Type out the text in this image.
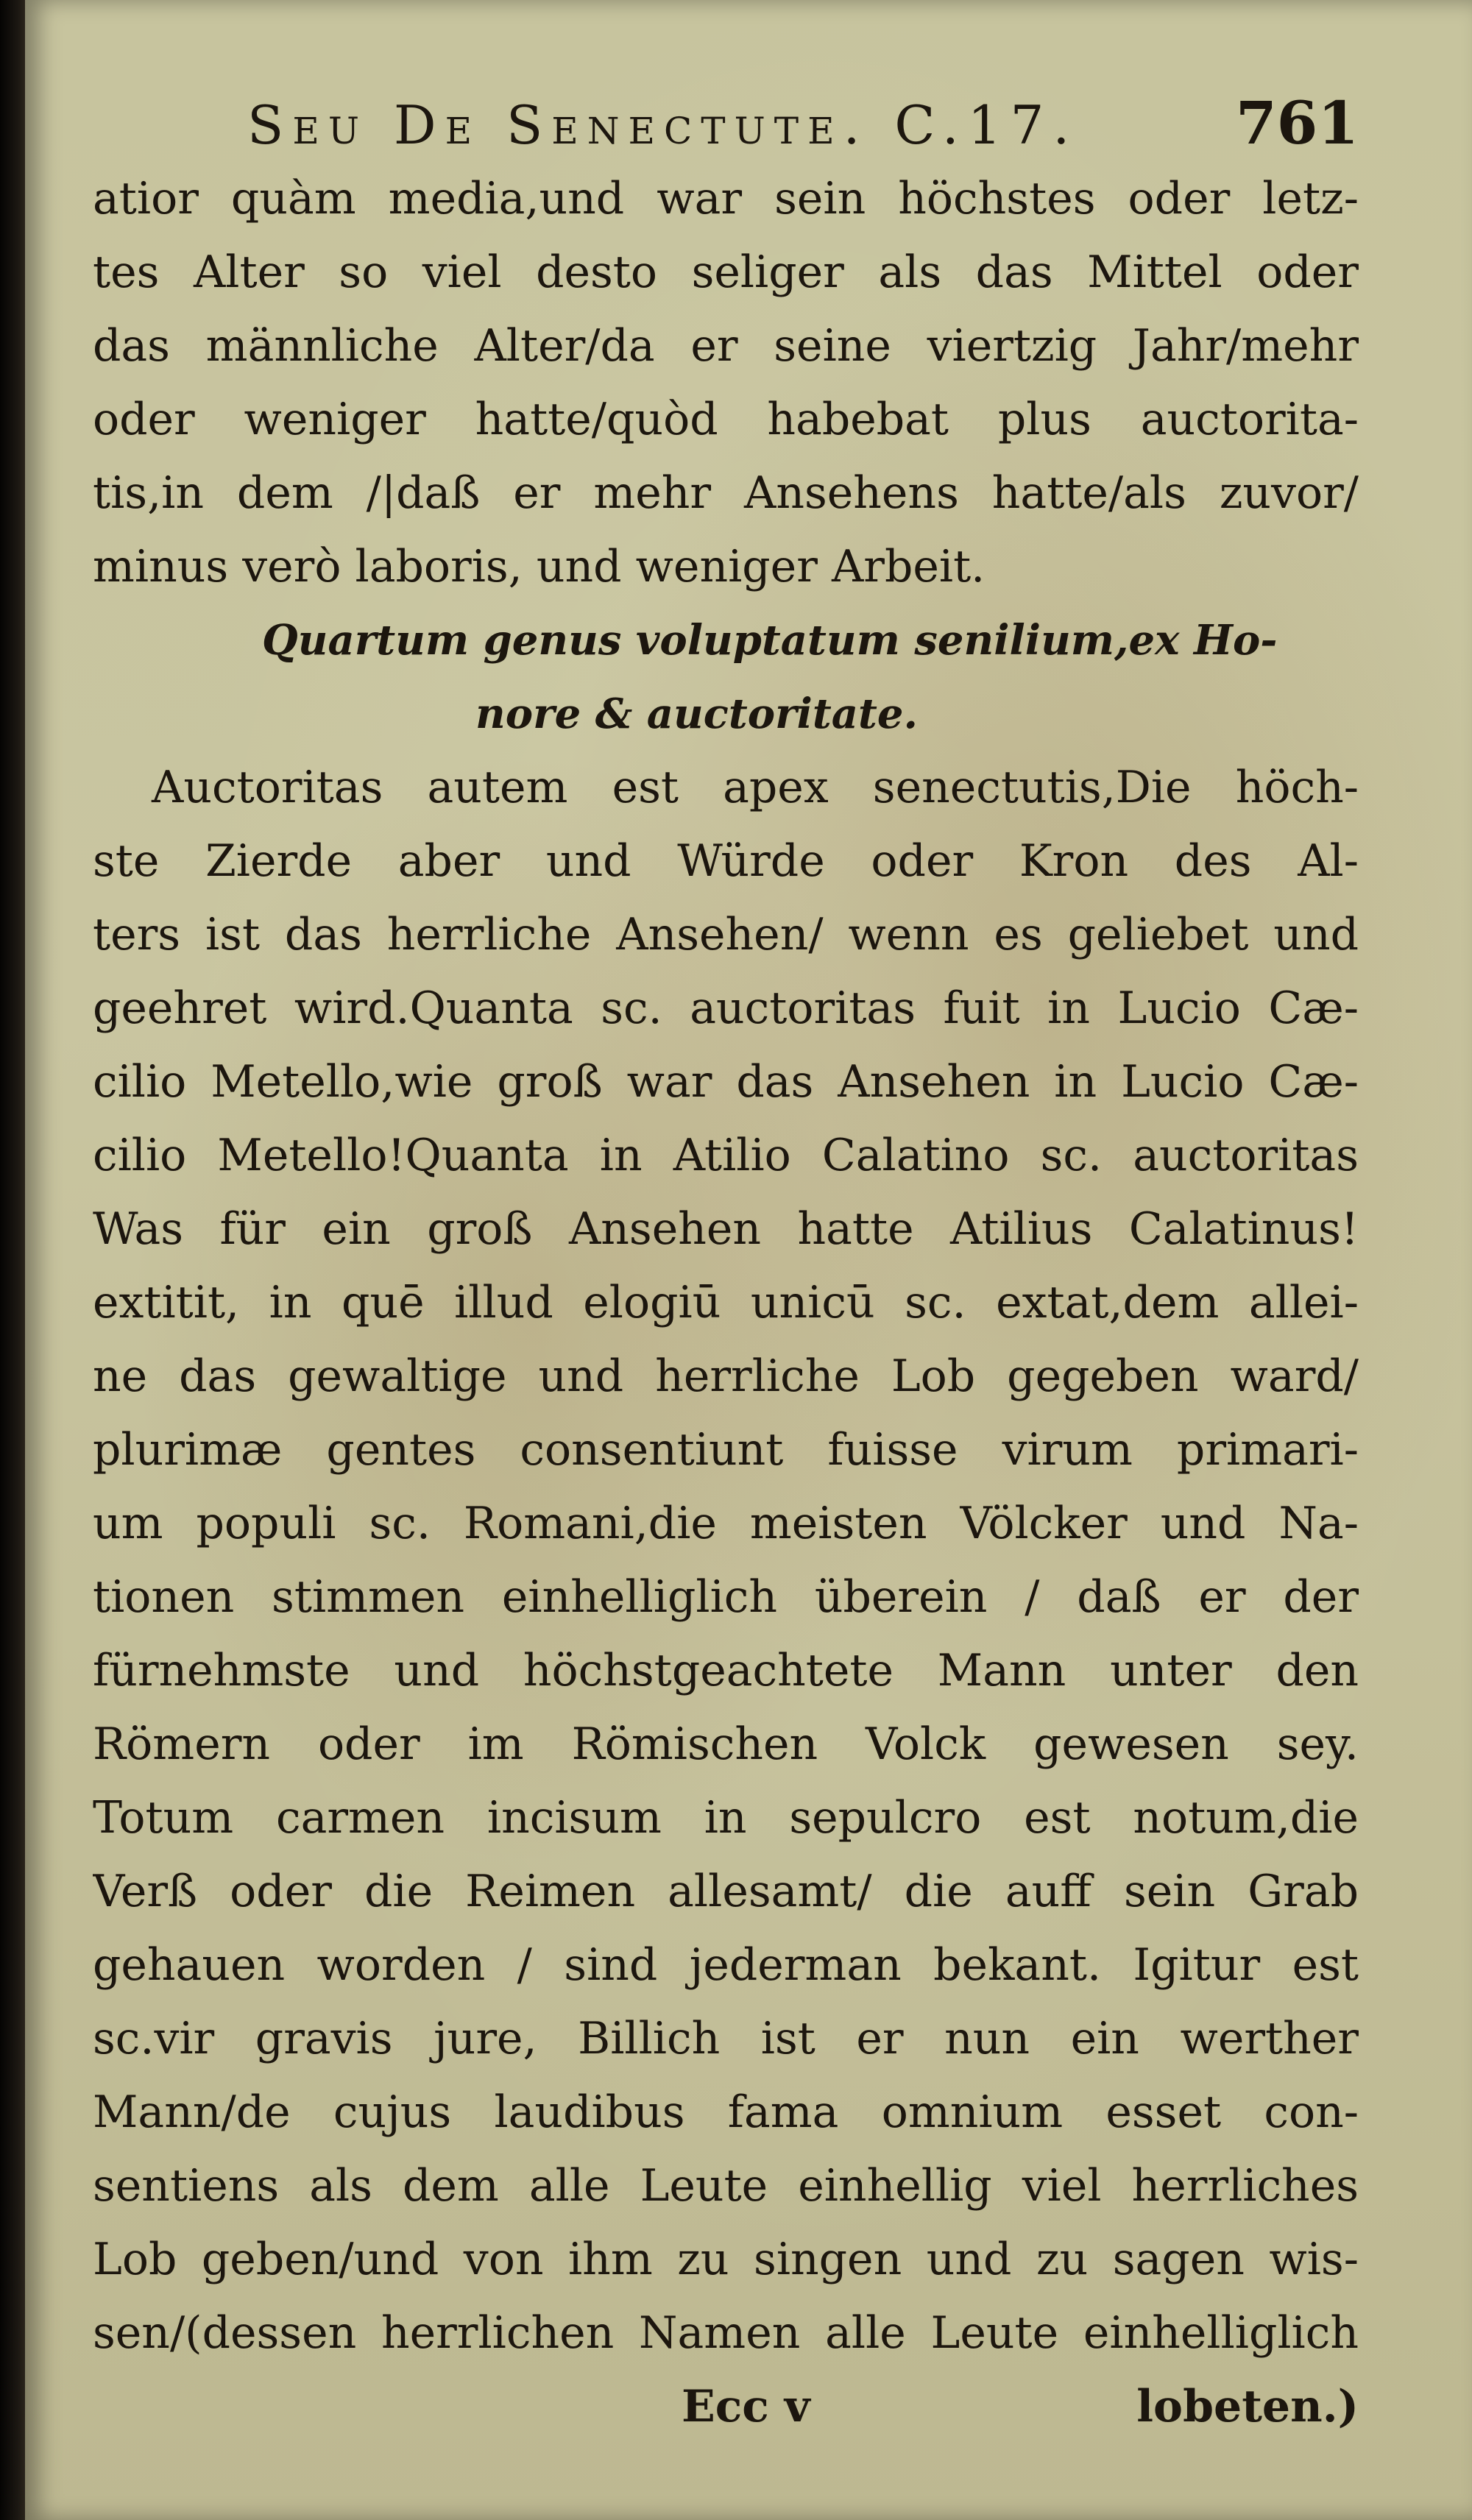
Seu De Senectute. C.17.	761
atior quàm media,und war sein höchstes oder letz-
tes Alter so viel desto seliger als das Mittel oder
das männliche Alter/da er seine viertzig Jahr/mehr
oder weniger hatte/quòd habebat plus auctorita-
tis,in dem /|daß er mehr Ansehens hatte/als zuvor/
minus verò laboris, und weniger Arbeit.
Quartum genus voluptatum senilium,ex Ho-
nore & auctoritate.
Auctoritas autem est apex senectutis,Die höch-
ste Zierde aber und Würde oder Kron des Al-
ters ist das herrliche Ansehen/ wenn es geliebet und
geehret wird.Quanta sc. auctoritas fuit in Lucio Cæ-
cilio Metello,wie groß war das Ansehen in Lucio Cæ-
cilio Metello!Quanta in Atilio Calatino sc. auctoritas
Was für ein groß Ansehen hatte Atilius Calatinus!
extitit, in quē illud elogiū unicū sc. extat,dem allei-
ne das gewaltige und herrliche Lob gegeben ward/
plurimæ gentes consentiunt fuisse virum primari-
um populi sc. Romani,die meisten Völcker und Na-
tionen stimmen einhelliglich überein / daß er der
fürnehmste und höchstgeachtete Mann unter den
Römern oder im Römischen Volck gewesen sey.
Totum carmen incisum in sepulcro est notum,die
Verß oder die Reimen allesamt/ die auff sein Grab
gehauen worden / sind jederman bekant. Igitur est
sc.vir gravis jure, Billich ist er nun ein werther
Mann/de cujus laudibus fama omnium esset con-
sentiens als dem alle Leute einhellig viel herrliches
Lob geben/und von ihm zu singen und zu sagen wis-
sen/(dessen herrlichen Namen alle Leute einhelliglich
Ecc v	lobeten.)
